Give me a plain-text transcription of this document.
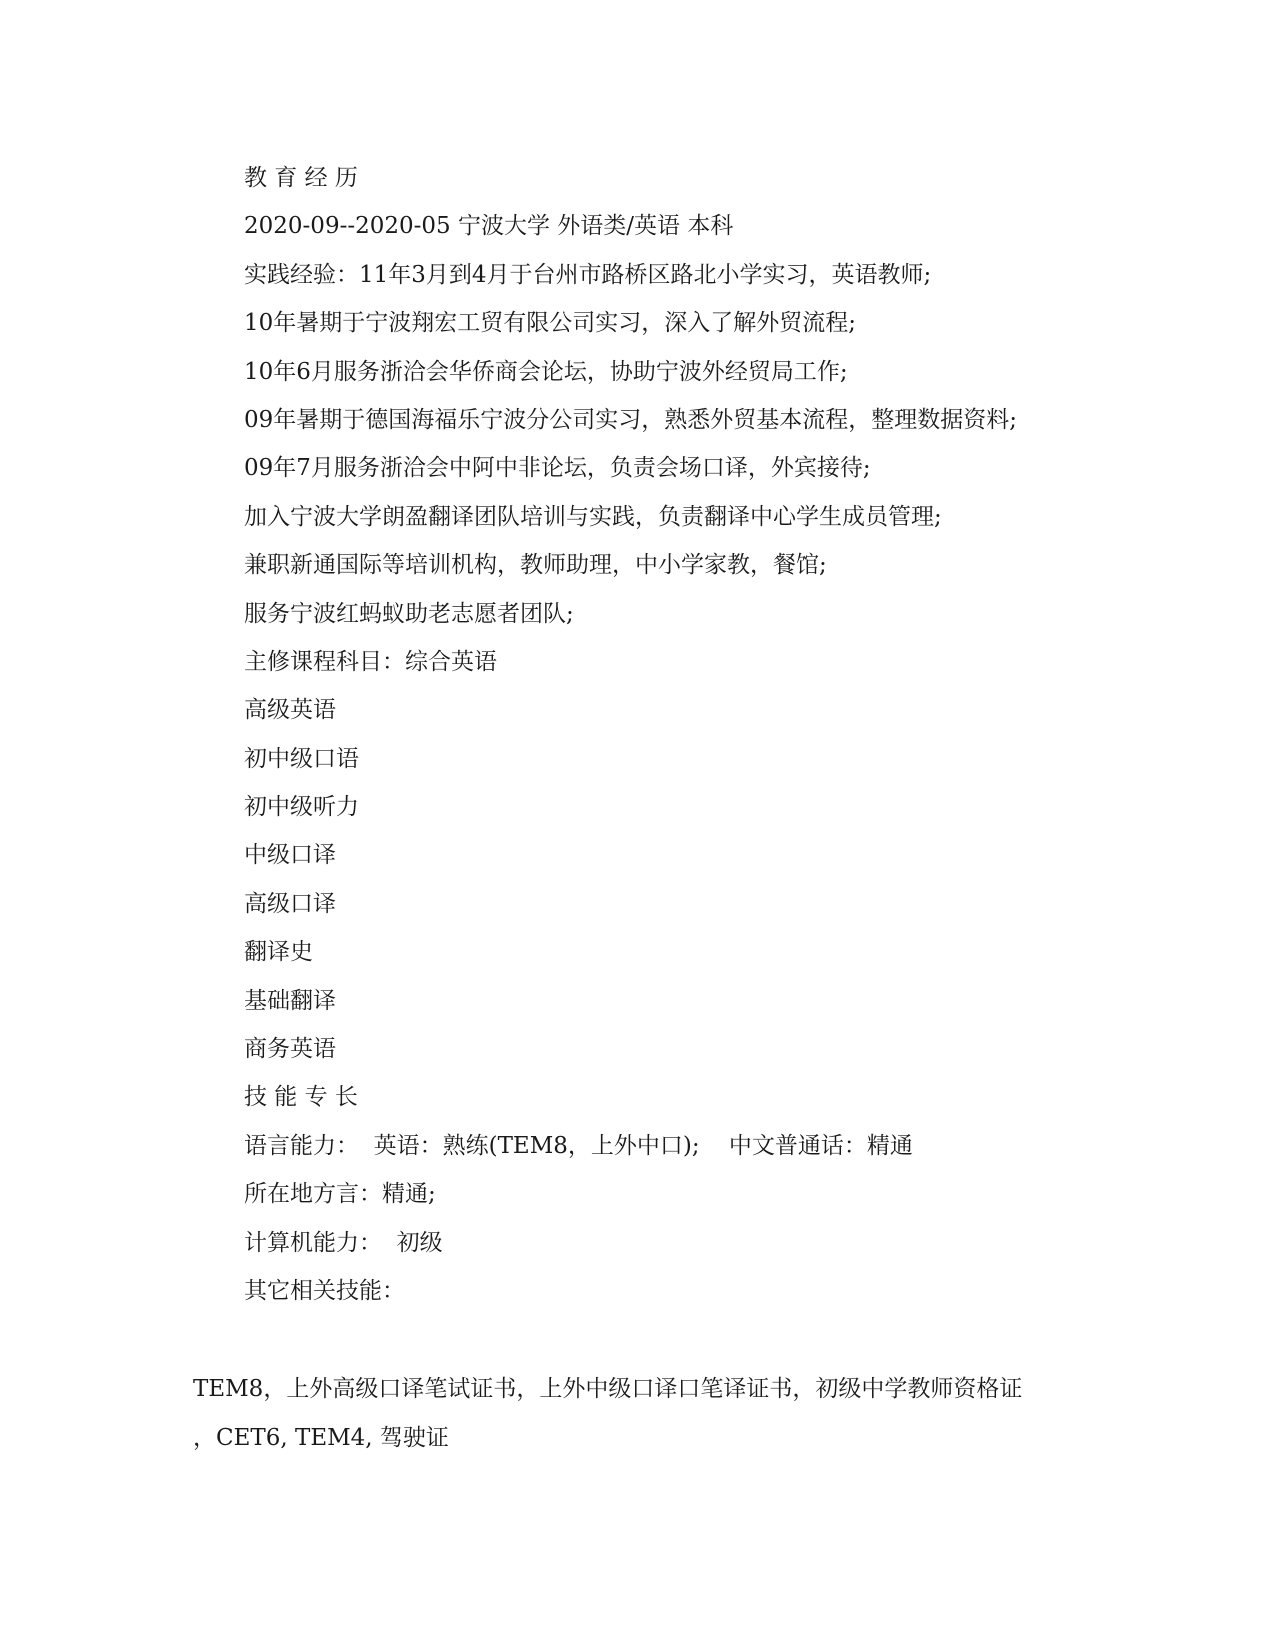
教 育 经 历
2020-09--2020-05 宁波大学 外语类/英语 本科
实践经验：11年3月到4月于台州市路桥区路北小学实习，英语教师;
10年暑期于宁波翔宏工贸有限公司实习，深入了解外贸流程;
10年6月服务浙洽会华侨商会论坛，协助宁波外经贸局工作;
09年暑期于德国海福乐宁波分公司实习，熟悉外贸基本流程，整理数据资料;
09年7月服务浙洽会中阿中非论坛，负责会场口译，外宾接待;
加入宁波大学朗盈翻译团队培训与实践，负责翻译中心学生成员管理;
兼职新通国际等培训机构，教师助理，中小学家教，餐馆;
服务宁波红蚂蚁助老志愿者团队;
主修课程科目：综合英语
高级英语
初中级口语
初中级听力
中级口译
高级口译
翻译史
基础翻译
商务英语
技 能 专 长
语言能力：  英语：熟练(TEM8，上外中口);    中文普通话：精通
所在地方言：精通;
计算机能力：  初级
其它相关技能：
TEM8，上外高级口译笔试证书，上外中级口译口笔译证书，初级中学教师资格证
，CET6, TEM4, 驾驶证
